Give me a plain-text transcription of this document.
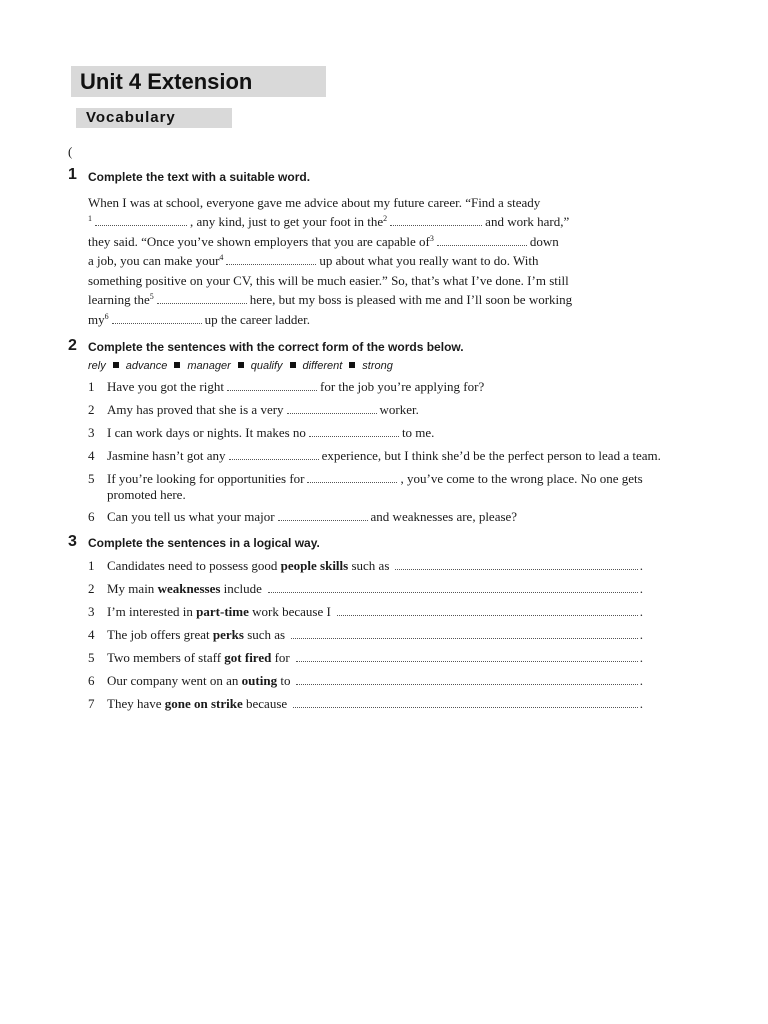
Unit 4 Extension
Vocabulary
(
1 Complete the text with a suitable word.
When I was at school, everyone gave me advice about my future career. “Find a steady
$^1$	, any kind, just to get your foot in the$^2$	and work hard,”
they said. “Once you’ve shown employers that you are capable $of^3$	down
a job, you can make your$^4$	up about what you really want to do. With
something positive on your CV, this will be much easier.” So, that’s what I’ve done. I’m still
learning the$^5$	here, but my boss is pleased with me and I’ll soon be working
$my^6$	up the career ladder.
2 Complete the sentences with the correct form of the words below.
rely advance manager qualify different strong
1 Have you got the right	for the job you’re applying for?
2 Amy has proved that she is a very	worker.
3 I can work days or nights. It makes no	to me.
4 Jasmine hasn’t got any	experience, but I think she’d be the perfect person to lead a team.
5 If you’re looking for opportunities for	, you’ve come to the wrong place. No one gets
promoted here.
6 Can you tell us what your major	and weaknesses are, please?
3 Complete the sentences in a logical way.
1 Candidates need to possess good
people skills
such as	.
2 My main
weaknesses
include	.
3 I’m interested in
part-time
work because I	.
4 The job offers great
perks
such as	.
5 Two members of staff
got fired
for	.
6 Our company went on an
outing
to	.
7 They have
gone on strike
because	.
